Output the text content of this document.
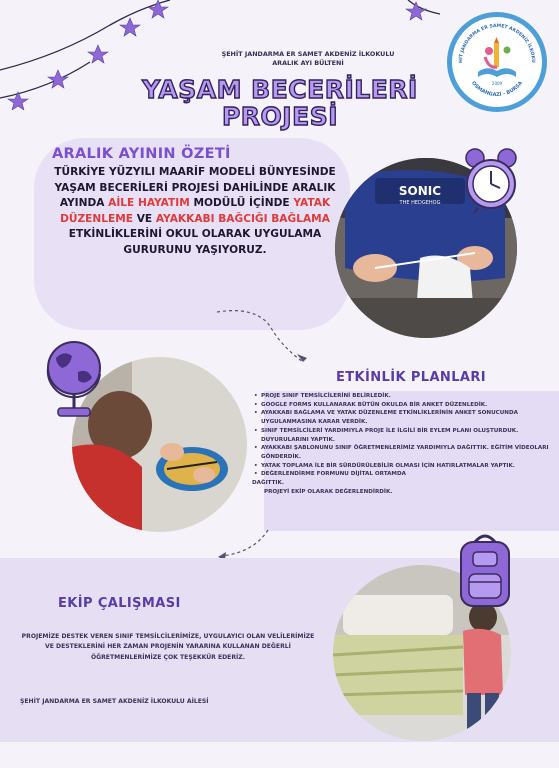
ŞEHİT JANDARMA ER SAMET AKDENİZ İLKOKULU
ARALIK AYI BÜLTENİ
YAŞAM BECERİLERİ
PROJESİ
HİT JANDARMA ER SAMET AKDENİZ İLKOKU
OSMANGAZİ - BURSA
2009
ARALIK AYININ ÖZETİ
TÜRKİYE YÜZYILI MAARİF MODELİ BÜNYESİNDE YAŞAM BECERİLERİ PROJESİ DAHİLİNDE ARALIK AYINDA AİLE HAYATIM MODÜLÜ İÇİNDE YATAK DÜZENLEME VE AYAKKABI BAĞCIĞI BAĞLAMA ETKİNLİKLERİNİ OKUL OLARAK UYGULAMA GURURUNU YAŞIYORUZ.
SONIC
THE HEDGEHOG
ETKİNLİK PLANLARI
• PROJE SINIF TEMSİLCİLERİNİ BELİRLEDİK.
• GOOGLE FORMS KULLANARAK BÜTÜN OKULDA BİR ANKET DÜZENLEDİK.
• AYAKKABI BAĞLAMA VE YATAK DÜZENLEME ETKİNLİKLERİNİN ANKET SONUCUNDA UYGULANMASINA KARAR VERDİK.
• SINIF TEMSİLCİLERİ YARDIMIYLA PROJE İLE İLGİLİ BİR EYLEM PLANI OLUŞTURDUK. DUYURULARINI YAPTIK.
• AYAKKABI ŞABLONUNU SINIF ÖĞRETMENLERİMİZ YARDIMIYLA DAĞITTIK. EĞİTİM VİDEOLARI GÖNDERDİK.
• YATAK TOPLAMA İLE BİR SÜRDÜRÜLEBİLİR OLMASI İÇİN HATIRLATMALAR YAPTIK.
• DEĞERLENDİRME FORMUNU DİJİTAL ORTAMDA
DAĞITTIK.
PROJEYİ EKİP OLARAK DEĞERLENDİRDİK.
EKİP ÇALIŞMASI
PROJEMİZE DESTEK VEREN SINIF TEMSİLCİLERİMİZE, UYGULAYICI OLAN VELİLERİMİZE VE DESTEKLERİNİ HER ZAMAN PROJENİN YARARINA KULLANAN DEĞERLİ ÖĞRETMENLERİMİZE ÇOK TEŞEKKÜR EDERİZ.
ŞEHİT JANDARMA ER SAMET AKDENİZ İLKOKULU AİLESİ
